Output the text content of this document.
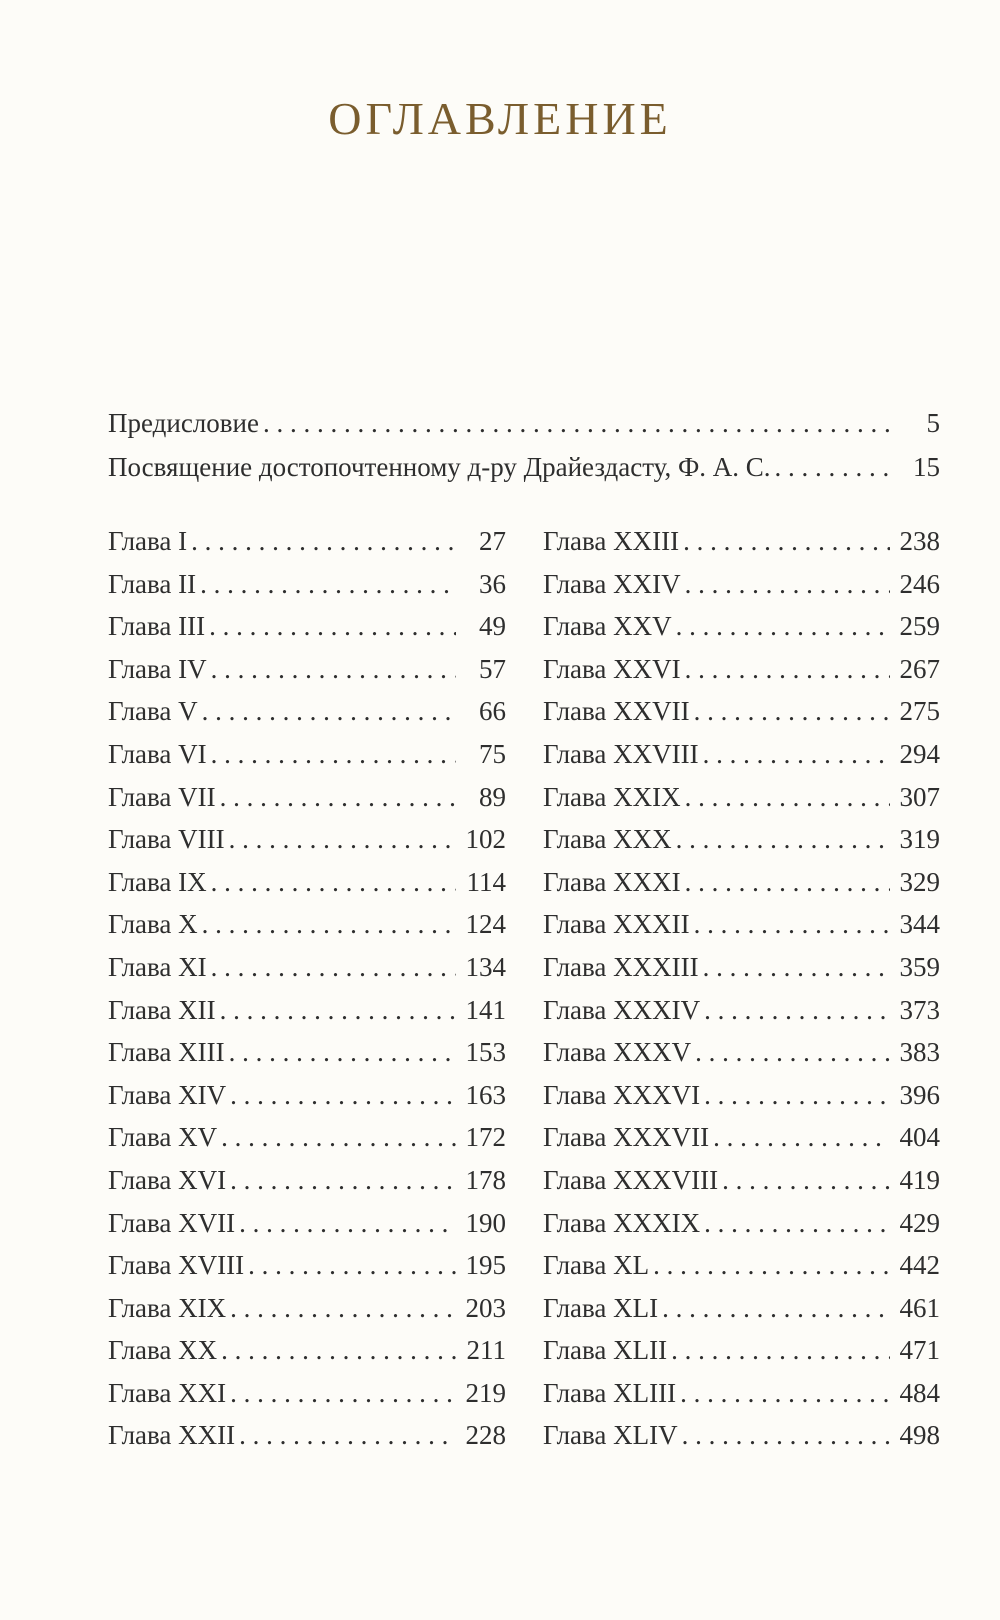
ОГЛАВЛЕНИЕ
Предисловие . . .	5
Посвящение достопочтенному д-ру Драйездасту, Ф. А. С. . . .	15
Глава I . . .	27
Глава II . . .	36
Глава III . . .	49
Глава IV . . .	57
Глава V . . .	66
Глава VI . . .	75
Глава VII . . .	89
Глава VIII . . .	102
Глава IX . . .	114
Глава X . . .	124
Глава XI . . .	134
Глава XII . . .	141
Глава XIII . . .	153
Глава XIV . . .	163
Глава XV . . .	172
Глава XVI . . .	178
Глава XVII . . .	190
Глава XVIII . . .	195
Глава XIX . . .	203
Глава XX . . .	211
Глава XXI . . .	219
Глава XXII . . .	228
Глава XXIII . . .	238
Глава XXIV . . .	246
Глава XXV . . .	259
Глава XXVI . . .	267
Глава XXVII . . .	275
Глава XXVIII . . .	294
Глава XXIX . . .	307
Глава XXX . . .	319
Глава XXXI . . .	329
Глава XXXII . . .	344
Глава XXXIII . . .	359
Глава XXXIV . . .	373
Глава XXXV . . .	383
Глава XXXVI . . .	396
Глава XXXVII . . .	404
Глава XXXVIII . . .	419
Глава XXXIX . . .	429
Глава XL . . .	442
Глава XLI . . .	461
Глава XLII . . .	471
Глава XLIII . . .	484
Глава XLIV . . .	498
